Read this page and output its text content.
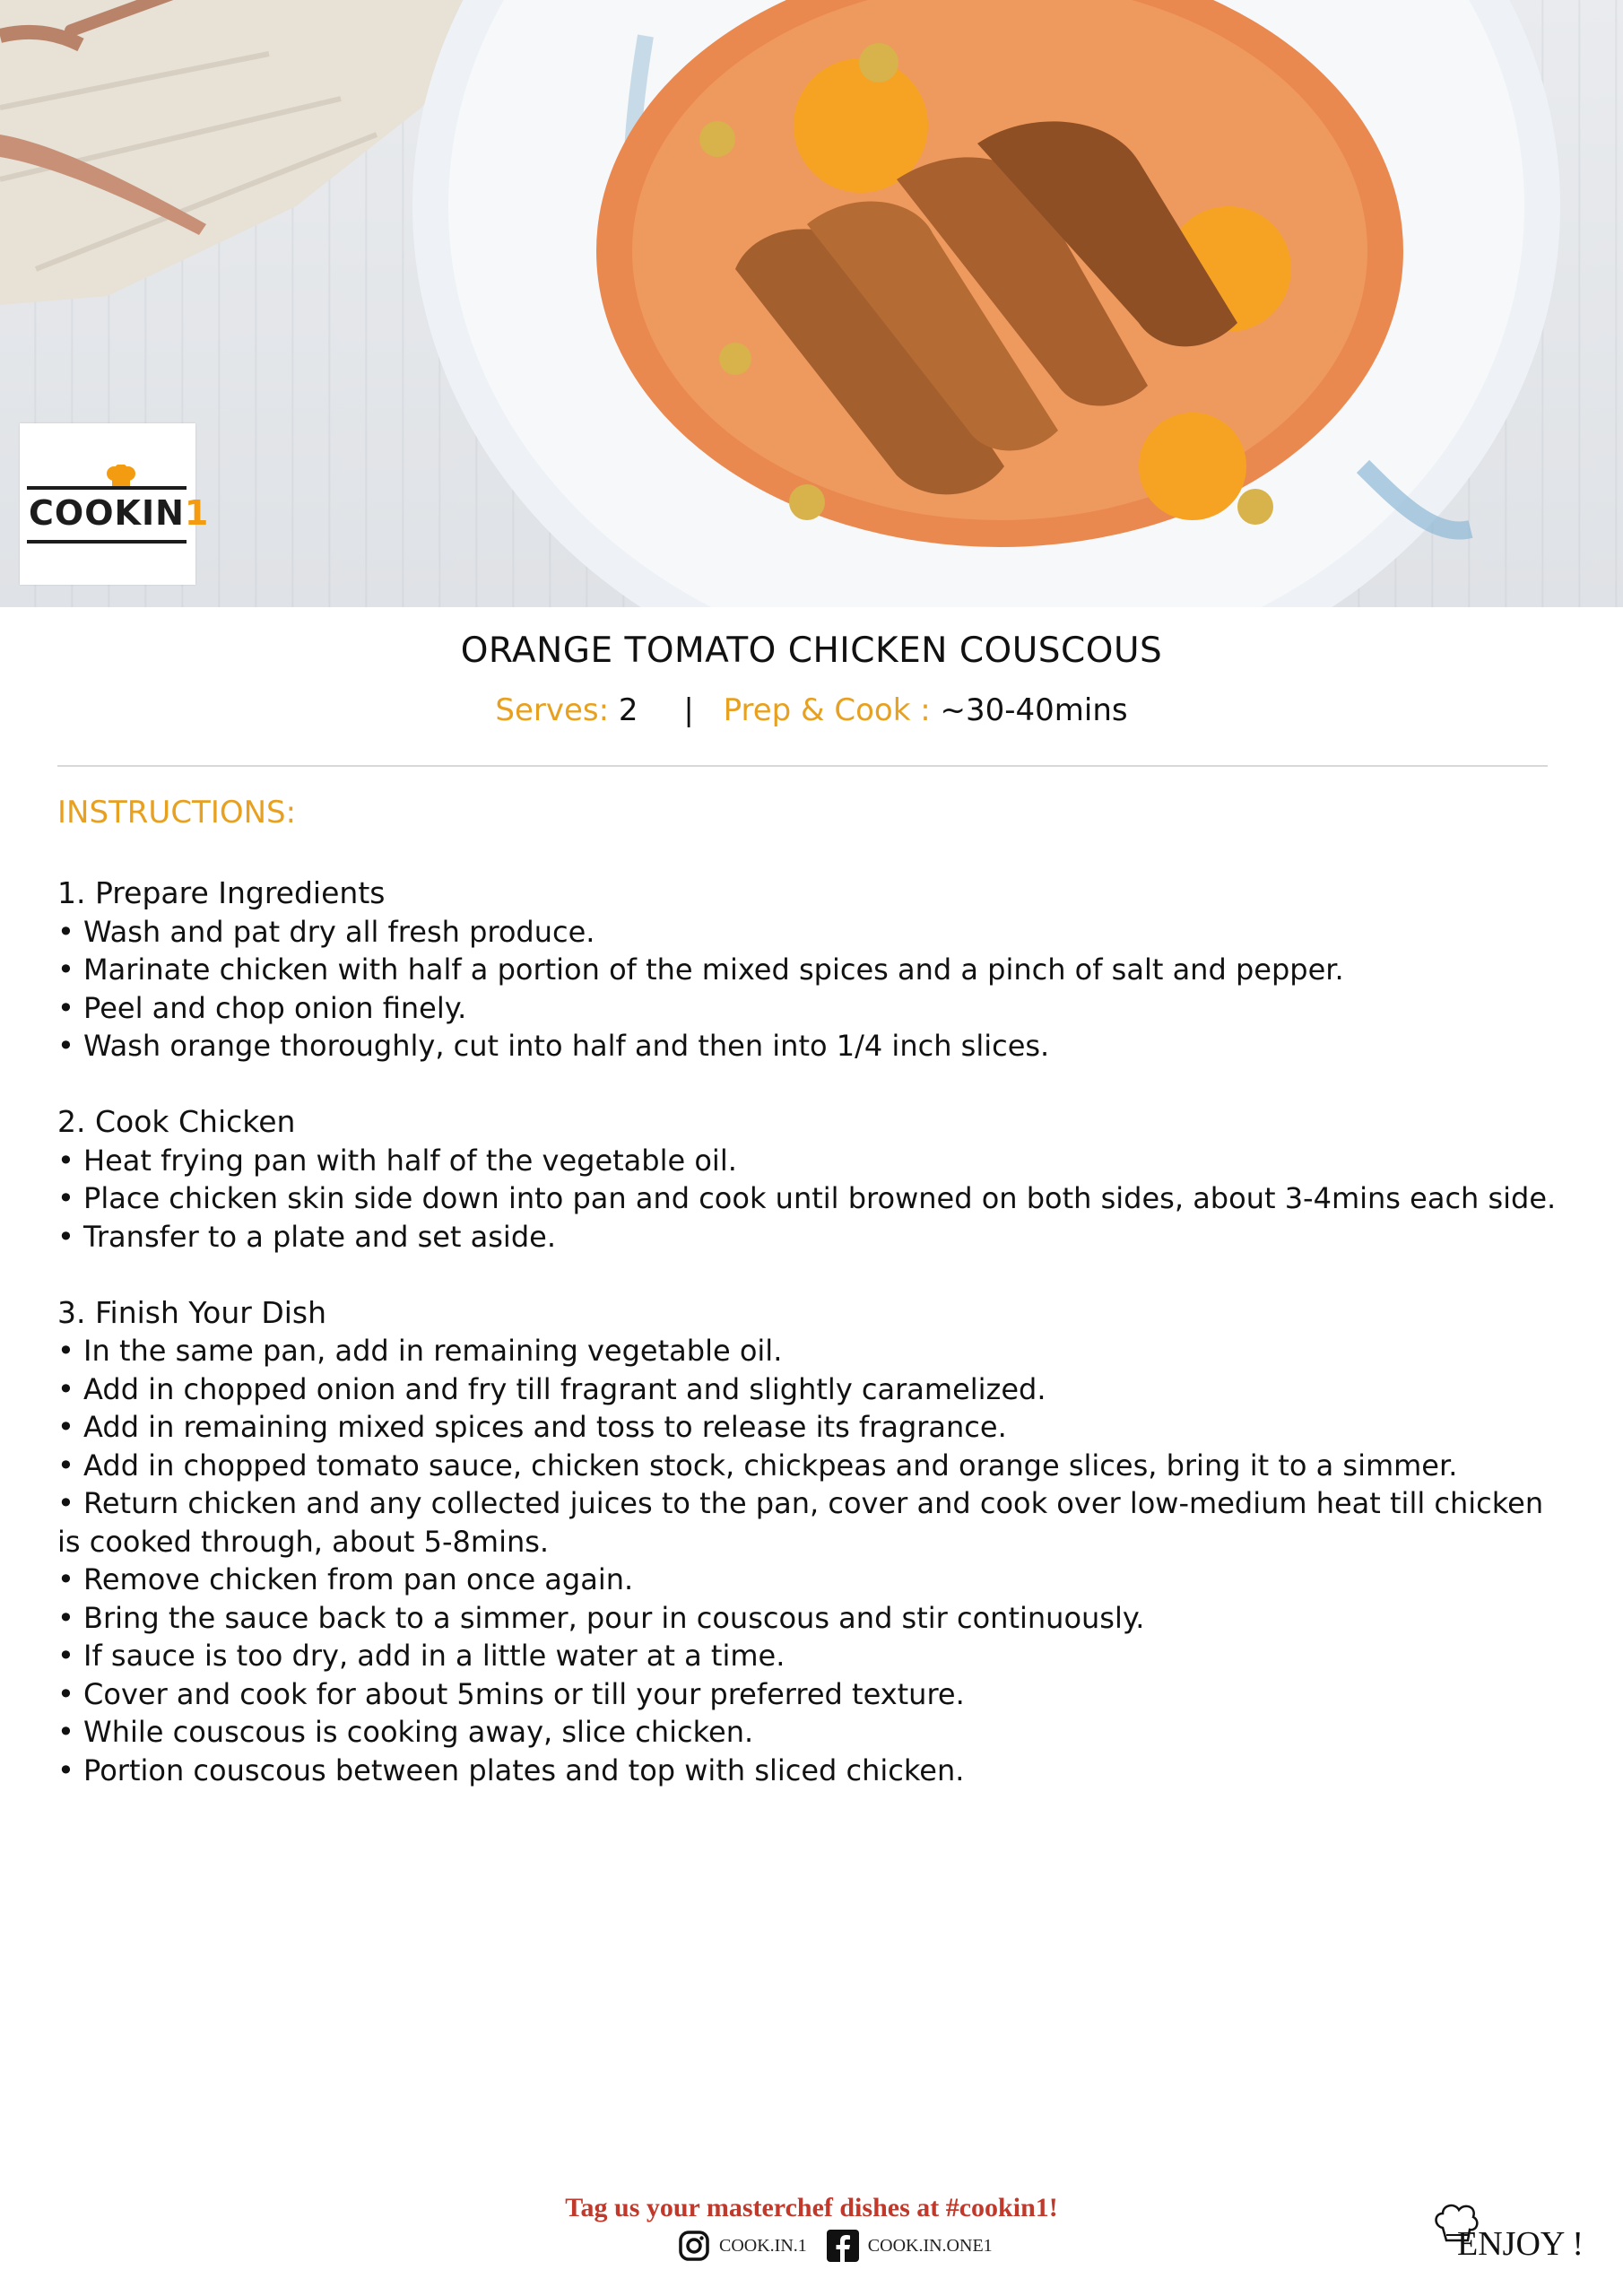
COOKIN1
ORANGE TOMATO CHICKEN COUSCOUS
Serves: 2 | Prep & Cook : ~30-40mins
INSTRUCTIONS:
1. Prepare Ingredients
• Wash and pat dry all fresh produce.
• Marinate chicken with half a portion of the mixed spices and a pinch of salt and pepper.
• Peel and chop onion finely.
• Wash orange thoroughly, cut into half and then into 1/4 inch slices.
2. Cook Chicken
• Heat frying pan with half of the vegetable oil.
• Place chicken skin side down into pan and cook until browned on both sides, about 3-4mins each side.
• Transfer to a plate and set aside.
3. Finish Your Dish
• In the same pan, add in remaining vegetable oil.
• Add in chopped onion and fry till fragrant and slightly caramelized.
• Add in remaining mixed spices and toss to release its fragrance.
• Add in chopped tomato sauce, chicken stock, chickpeas and orange slices, bring it to a simmer.
• Return chicken and any collected juices to the pan, cover and cook over low-medium heat till chicken is cooked through, about 5-8mins.
• Remove chicken from pan once again.
• Bring the sauce back to a simmer, pour in couscous and stir continuously.
• If sauce is too dry, add in a little water at a time.
• Cover and cook for about 5mins or till your preferred texture.
• While couscous is cooking away, slice chicken.
• Portion couscous between plates and top with sliced chicken.
Tag us your masterchef dishes at #cookin1!
COOK.IN.1	COOK.IN.ONE1	ENJOY !
